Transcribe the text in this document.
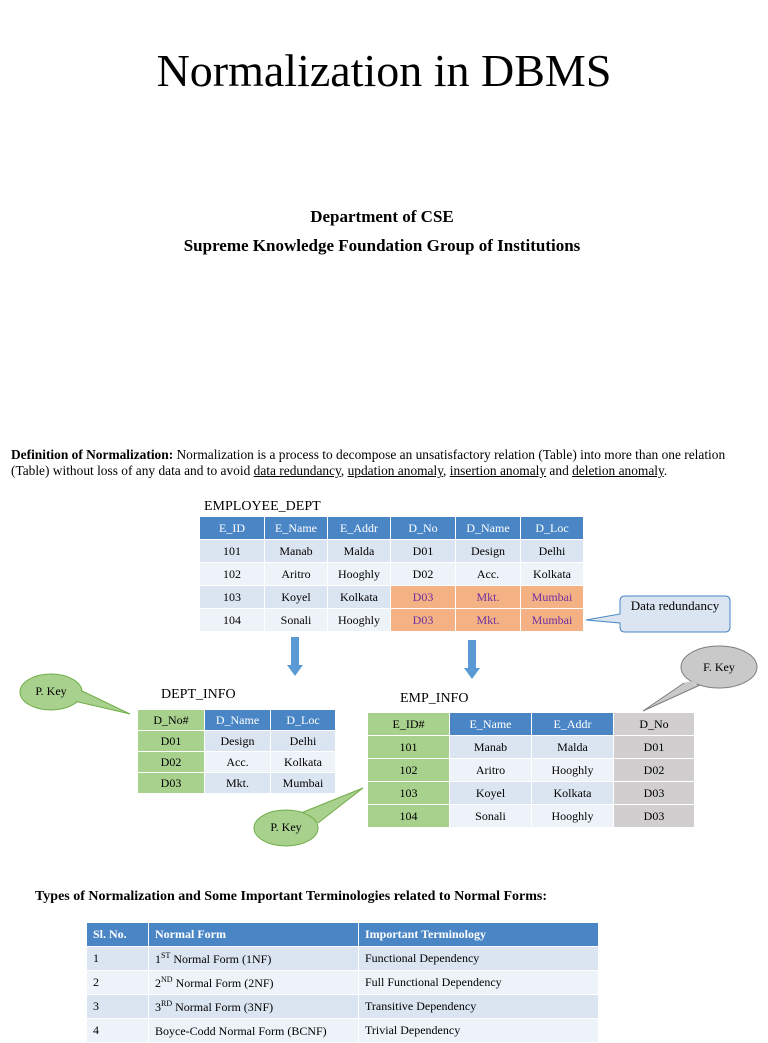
Normalization in DBMS
Department of CSE
Supreme Knowledge Foundation Group of Institutions
Definition of Normalization: Normalization is a process to decompose an unsatisfactory relation (Table) into more than one relation (Table) without loss of any data and to avoid data redundancy, updation anomaly, insertion anomaly and deletion anomaly.
EMPLOYEE_DEPT
E_ID	E_Name	E_Addr	D_No	D_Name	D_Loc
101	Manab	Malda	D01	Design	Delhi
102	Aritro	Hooghly	D02	Acc.	Kolkata
103	Koyel	Kolkata	D03	Mkt.	Mumbai
104	Sonali	Hooghly	D03	Mkt.	Mumbai
Data redundancy
P. Key	DEPT_INFO
D_No#	D_Name	D_Loc
D01	Design	Delhi
D02	Acc.	Kolkata
D03	Mkt.	Mumbai
F. Key
EMP_INFO
E_ID#	E_Name	E_Addr	D_No
101	Manab	Malda	D01
102	Aritro	Hooghly	D02
103	Koyel	Kolkata	D03
104	Sonali	Hooghly	D03
P. Key
Types of Normalization and Some Important Terminologies related to Normal Forms:
Sl. No.	Normal Form	Important Terminology
1	1ST Normal Form (1NF)	Functional Dependency
2	2ND Normal Form (2NF)	Full Functional Dependency
3	3RD Normal Form (3NF)	Transitive Dependency
4	Boyce-Codd Normal Form (BCNF)	Trivial Dependency
